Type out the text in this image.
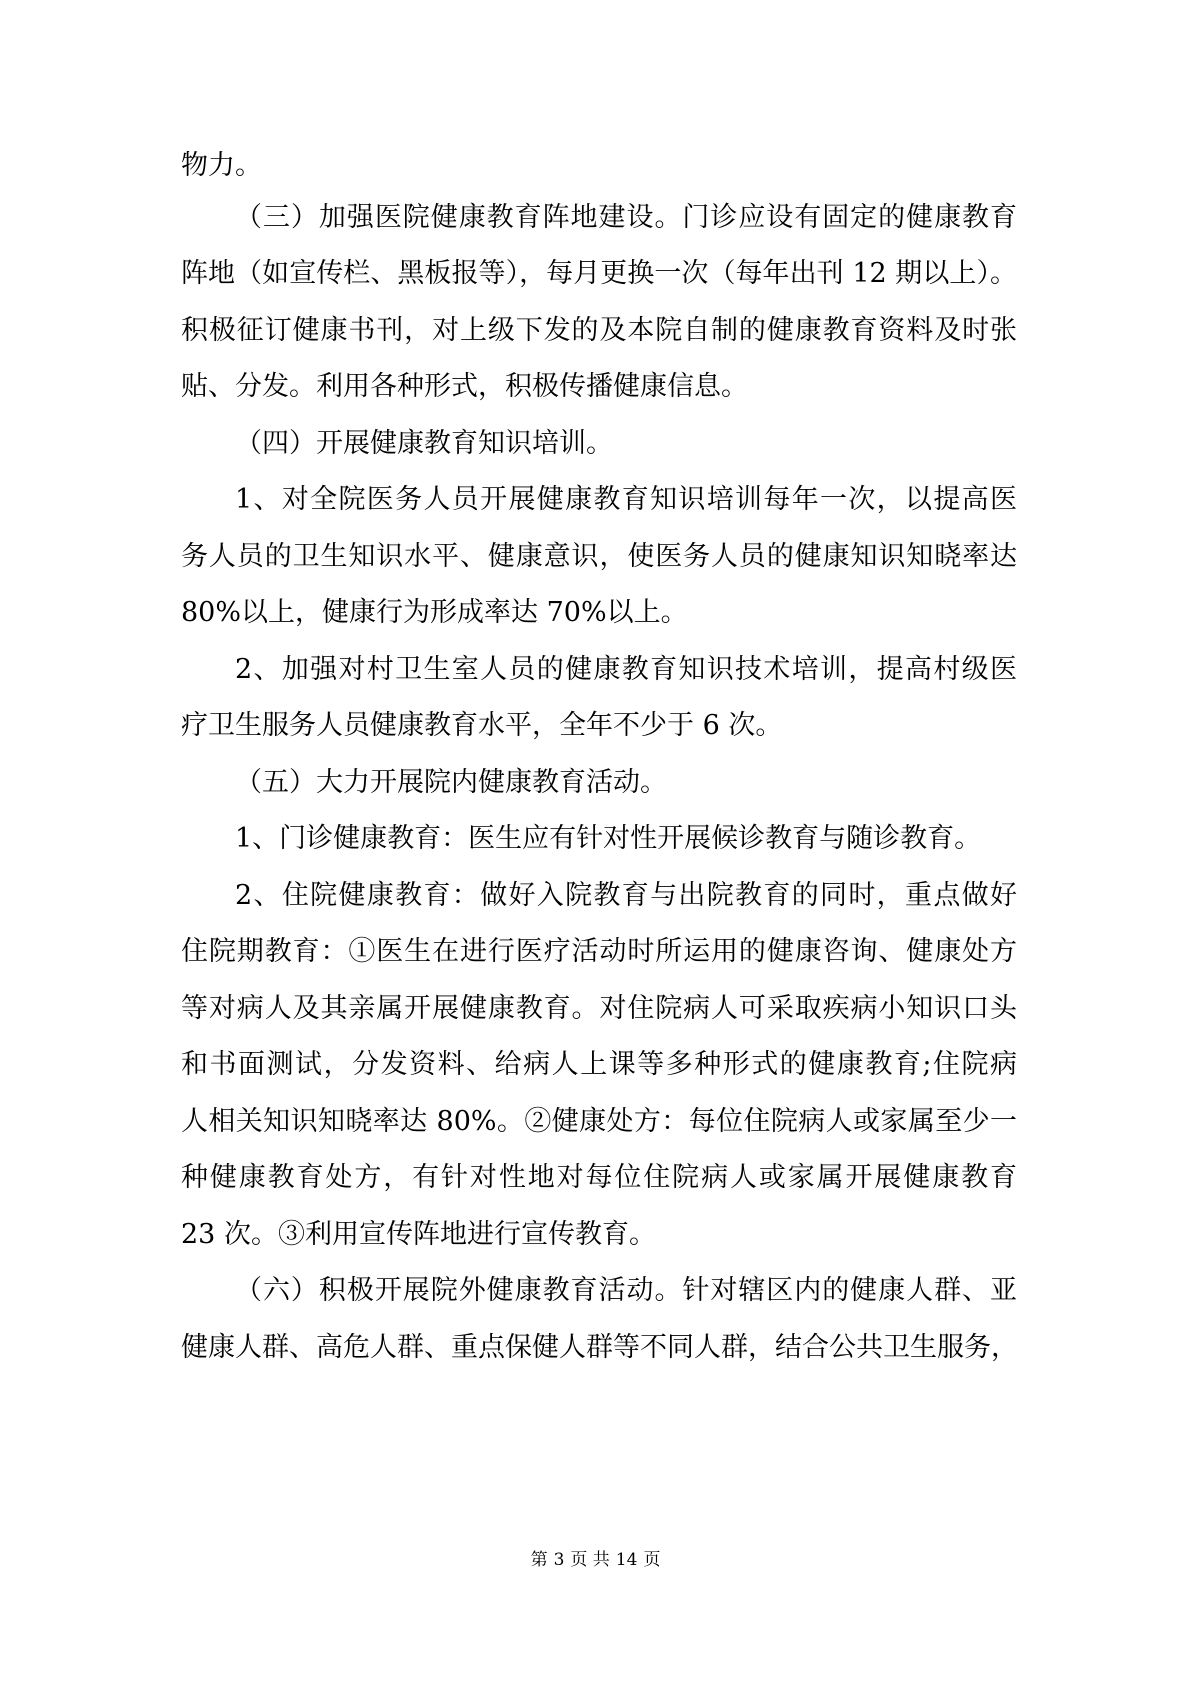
物力。
（三）加强医院健康教育阵地建设。门诊应设有固定的健康教育
阵地（如宣传栏、黑板报等），每月更换一次（每年出刊 12 期以上）。
积极征订健康书刊，对上级下发的及本院自制的健康教育资料及时张
贴、分发。利用各种形式，积极传播健康信息。
（四）开展健康教育知识培训。
1、对全院医务人员开展健康教育知识培训每年一次，以提高医
务人员的卫生知识水平、健康意识，使医务人员的健康知识知晓率达
80%以上，健康行为形成率达 70%以上。
2、加强对村卫生室人员的健康教育知识技术培训，提高村级医
疗卫生服务人员健康教育水平，全年不少于 6 次。
（五）大力开展院内健康教育活动。
1、门诊健康教育：医生应有针对性开展候诊教育与随诊教育。
2、住院健康教育：做好入院教育与出院教育的同时，重点做好
住院期教育：①医生在进行医疗活动时所运用的健康咨询、健康处方
等对病人及其亲属开展健康教育。对住院病人可采取疾病小知识口头
和书面测试，分发资料、给病人上课等多种形式的健康教育;住院病
人相关知识知晓率达 80%。②健康处方：每位住院病人或家属至少一
种健康教育处方，有针对性地对每位住院病人或家属开展健康教育
23 次。③利用宣传阵地进行宣传教育。
（六）积极开展院外健康教育活动。针对辖区内的健康人群、亚
健康人群、高危人群、重点保健人群等不同人群，结合公共卫生服务，
第 3 页 共 14 页
